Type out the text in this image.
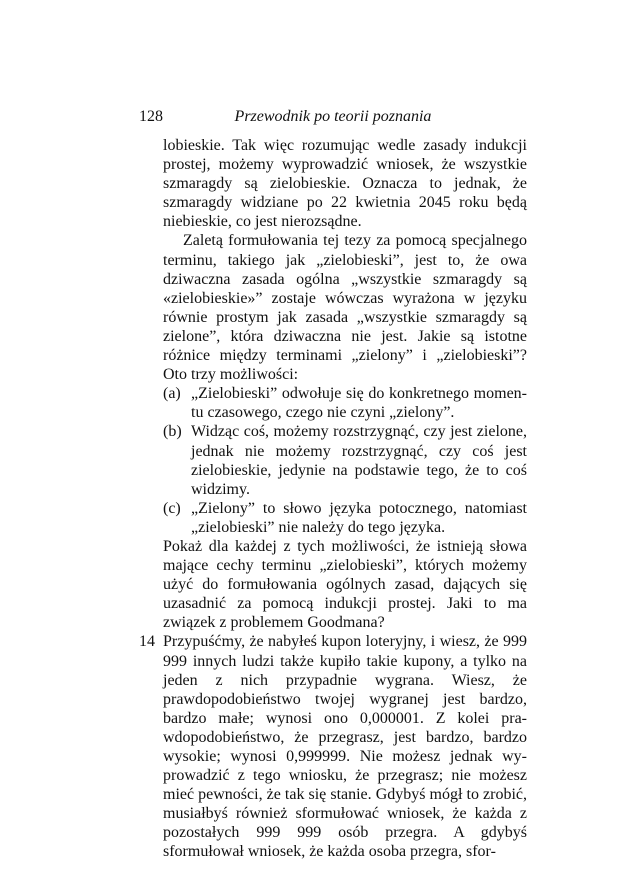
128	Przewodnik po teorii poznania

lobieskie. Tak więc rozumując wedle zasady indukcji prostej, możemy wyprowadzić wniosek, że wszystkie szmaragdy są zielobieskie. Oznacza to jednak, że szmaragdy widziane po 22 kwietnia 2045 roku będą niebieskie, co jest nierozsądne.

Zaletą formułowania tej tezy za pomocą specjalnego terminu, takiego jak „zielobieski”, jest to, że owa dziwaczna zasada ogólna „wszystkie szmaragdy są «zielobieskie»” zostaje wówczas wyrażona w języku równie prostym jak zasada „wszystkie szmaragdy są zielone”, która dziwaczna nie jest. Jakie są istotne różnice między terminami „zielony” i „zielobieski”? Oto trzy możliwości:

(a) „Zielobieski” odwołuje się do konkretnego momentu czasowego, czego nie czyni „zielony”.
(b) Widząc coś, możemy rozstrzygnąć, czy jest zielone, jednak nie możemy rozstrzygnąć, czy coś jest zielobieskie, jedynie na podstawie tego, że to coś widzimy.
(c) „Zielony” to słowo języka potocznego, natomiast „zielobieski” nie należy do tego języka.

Pokaż dla każdej z tych możliwości, że istnieją słowa mające cechy terminu „zielobieski”, których możemy użyć do formułowania ogólnych zasad, dających się uzasadnić za pomocą indukcji prostej. Jaki to ma związek z problemem Goodmana?

14 Przypuśćmy, że nabyłeś kupon loteryjny, i wiesz, że 999 999 innych ludzi także kupiło takie kupony, a tylko na jeden z nich przypadnie wygrana. Wiesz, że prawdopodobieństwo twojej wygranej jest bardzo, bardzo małe; wynosi ono 0,000001. Z kolei prawdopodobieństwo, że przegrasz, jest bardzo, bardzo wysokie; wynosi 0,999999. Nie możesz jednak wyprowadzić z tego wniosku, że przegrasz; nie możesz mieć pewności, że tak się stanie. Gdybyś mógł to zrobić, musiałbyś również sformułować wniosek, że każda z pozostałych 999 999 osób przegra. A gdybyś sformułował wniosek, że każda osoba przegra, sfor-
